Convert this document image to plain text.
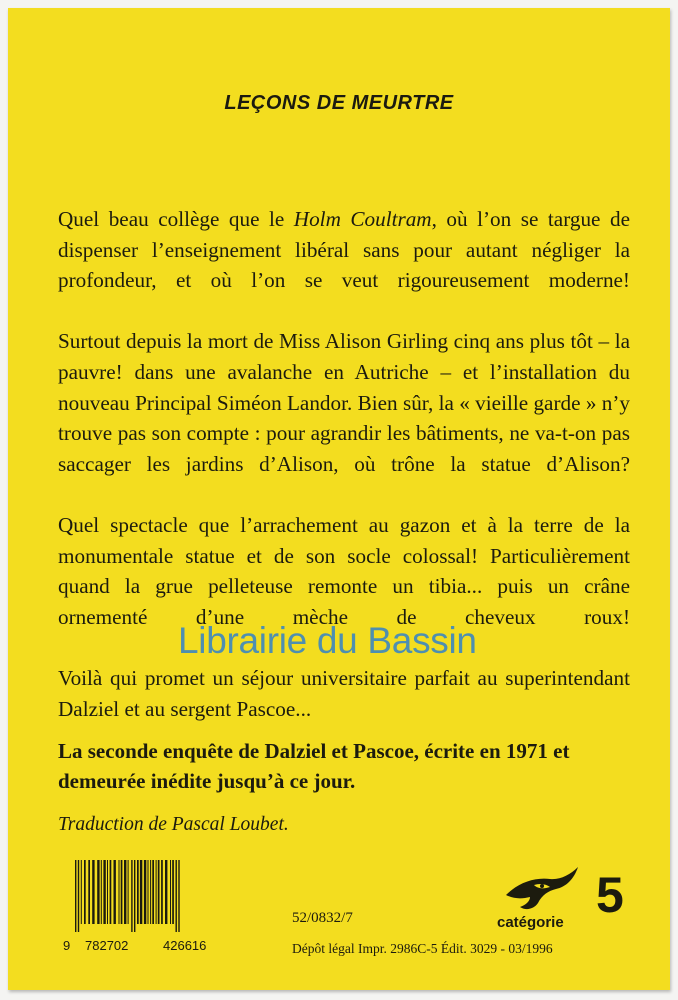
LEÇONS DE MEURTRE

Quel beau collège que le Holm Coultram, où l’on se targue de dispenser l’enseignement libéral sans pour autant négliger la profondeur, et où l’on se veut rigoureusement moderne!

Surtout depuis la mort de Miss Alison Girling cinq ans plus tôt – la pauvre! dans une avalanche en Autriche – et l’installation du nouveau Principal Siméon Landor. Bien sûr, la « vieille garde » n’y trouve pas son compte : pour agrandir les bâtiments, ne va-t-on pas saccager les jardins d’Alison, où trône la statue d’Alison?

Quel spectacle que l’arrachement au gazon et à la terre de la monumentale statue et de son socle colossal! Particulièrement quand la grue pelleteuse remonte un tibia... puis un crâne ornementé d’une mèche de cheveux roux!

Voilà qui promet un séjour universitaire parfait au superintendant Dalziel et au sergent Pascoe...

La seconde enquête de Dalziel et Pascoe, écrite en 1971 et demeurée inédite jusqu’à ce jour.
Traduction de Pascal Loubet.
9	782702	426616
52/0832/7
Dépôt légal Impr. 2986C-5 Édit. 3029 - 03/1996
catégorie 5
Librairie du Bassin
